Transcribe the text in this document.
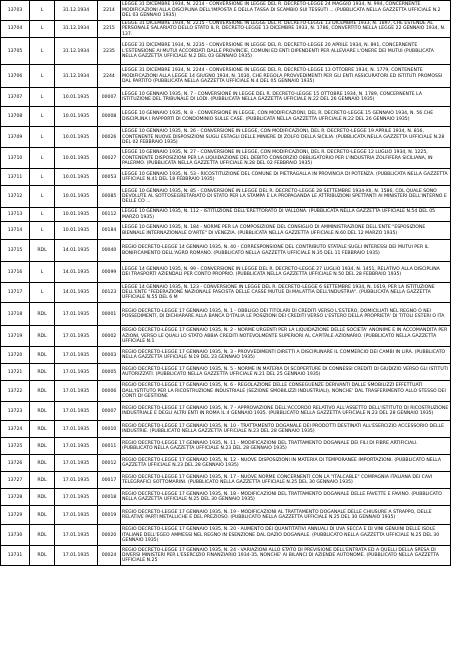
13703	L	31.12.1934	2214	LEGGE 31 DICEMBRE 1934, N. 2214 - CONVERSIONE IN LEGGE DEL R. DECRETO-LEGGE 24 MAGGIO 1934, N. 994, CONCERNENTE MODIFICAZIONI ALLA DISCIPLINA DELL'IMPOSTA E DELLA TASSA DI SCAMBIO SUI TESSUTI ... (PUBBLICATA NELLA GAZZETTA UFFICIALE N.2 DEL 03 GENNAIO 1935)
13704	L	31.12.1934	2215	LEGGE 31 DICEMBRE 1934, N. 2215 - CONVERSIONE IN LEGGE DEL R. DECRETO-LEGGE 13 DICEMBRE 1933, N. 1897, CHE ESTENDE AL PERSONALE SALARIATO DELLO STATO IL R. DECRETO-LEGGE 13 DICEMBRE 1933, N. 1786, CONVERTITO NELLA LEGGE 22 GENNAIO 1934, N. 137.
13705	L	31.12.1934	2235	LEGGE 31 DICEMBRE 1934, N. 2235 - CONVERSIONE IN LEGGE DEL R. DECRETO-LEGGE 20 APRILE 1934, N. 891, CONCERNENTE L'ESTENSIONE AI MUTUI ACCORDATI DALLE PROVINCIE, COMUNI ED ENTI DIPENDENTI PER ALLEVIARE L'ONERE DEI MUTUI (PUBBLICATA NELLA GAZZETTA UFFICIALE N.2 DEL 03 GENNAIO 1935)
13706	L	31.12.1934	2244	LEGGE 31 DICEMBRE 1934, N. 2244 - CONVERSIONE IN LEGGE DEL R. DECRETO-LEGGE 13 OTTOBRE 1934, N. 1779, CONTENENTE MODIFICAZIONI ALLA LEGGE 14 GIUGNO 1934, N. 1030, CHE REGOLA PROVVEDIMENTI PER GLI ENTI ASSICURATORI ED ISTITUTI PROMOSSI DAL PARTITO (PUBBLICATA NELLA GAZZETTA UFFICIALE N.4 DEL 05 GENNAIO 1935)
13707	L	10.01.1935	00007	LEGGE 10 GENNAIO 1935, N. 7 - CONVERSIONE IN LEGGE DEL R. DECRETO-LEGGE 15 OTTOBRE 1934, N. 1789, CONCERNENTE LA ISTITUZIONE DEL TRIBUNALE DI LODI. (PUBBLICATA NELLA GAZZETTA UFFICIALE N.22 DEL 26 GENNAIO 1935)
13708	L	10.01.1935	00008	LEGGE 10 GENNAIO 1935, N. 8 - CONVERSIONE IN LEGGE, CON MODIFICAZIONI, DEL R. DECRETO-LEGGE 15 GENNAIO 1934, N. 56 CHE DISCIPLINA I RAPPORTI DI CONDOMINIO SULLE CASE. (PUBBLICATA NELLA GAZZETTA UFFICIALE N.22 DEL 26 GENNAIO 1935)
13709	L	10.01.1935	00026	LEGGE 10 GENNAIO 1935, N. 26 - CONVERSIONE IN LEGGE, CON MODIFICAZIONI, DEL R. DECRETO-LEGGE 19 APRILE 1934, N. 816, CONTENENTE NUOVE DISPOSIZIONI SUGLI ESTAGLI DELLE MINIERE DI ZOLFO DELLA SICILIA. (PUBBLICATA NELLA GAZZETTA UFFICIALE N.28 DEL 02 FEBBRAIO 1935)
13710	L	10.01.1935	00027	LEGGE 10 GENNAIO 1935, N. 27 - CONVERSIONE IN LEGGE, CON MODIFICAZIONI, DEL R. DECRETO-LEGGE 12 LUGLIO 1934, N. 1225, CONTENENTE DISPOSIZIONI PER LA LIQUIDAZIONE DEL DEBITO CONSORZIO OBBLIGATORIO PER L'INDUSTRIA ZOLFIFERA SICILIANA, IN PALERMO. (PUBBLICATA NELLA GAZZETTA UFFICIALE N.28 DEL 02 FEBBRAIO 1935)
13711	L	10.01.1935	00053	LEGGE 10 GENNAIO 1935, N. 53 - RICOSTITUZIONE DEL COMUNE DI PIETRAGALLA IN PROVINCIA DI POTENZA. (PUBBLICATA NELLA GAZZETTA UFFICIALE N.41 DEL 18 FEBBRAIO 1935)
13712	L	10.01.1935	00085	LEGGE 10 GENNAIO 1935, N. 85 - CONVERSIONE IN LEGGE DEL R. DECRETO-LEGGE 28 SETTEMBRE 1934-XII, N. 1586, COL QUALE SONO DEVOLUTE AL SOTTOSEGRETARIATO DI STATO PER LA STAMPA E LA PROPAGANDA LE ATTRIBUZIONI SPETTANTI AI MINISTERI DELL'INTERNO E DELLE CO ...
13713	L	10.01.1935	00112	LEGGE 10 GENNAIO 1935, N. 112 - ISTITUZIONE DELL'ERETTORATO DI VALLONA. (PUBBLICATA NELLA GAZZETTA UFFICIALE N.54 DEL 05 MARZO 1935)
13714	L	10.01.1935	00184	LEGGE 10 GENNAIO 1935, N. 184 - NORME PER LA COMPOSIZIONE DEL CONSIGLIO DI AMMINISTRAZIONE DELL'ENTE "ESPOSIZIONE BIENNALE INTERNAZIONALE D'ARTE" DI VENEZIA. (PUBBLICATA NELLA GAZZETTA UFFICIALE N.60 DEL 12 MARZO 1935)
13715	RDL	14.01.1935	00040	REGIO DECRETO-LEGGE 14 GENNAIO 1935, N. 40 - CORRESPONSIONE DEL CONTRIBUTO STATALE SUGLI INTERESSI DEI MUTUI PER IL BONIFICAMENTO DELL'AGRO ROMANO. (PUBBLICATO NELLA GAZZETTA UFFICIALE N.35 DEL 11 FEBBRAIO 1935)
13716	L	14.01.1935	00099	LEGGE 14 GENNAIO 1935, N. 99 - CONVERSIONE IN LEGGE DEL R. DECRETO-LEGGE 27 LUGLIO 1934, N. 1451, RELATIVO ALLA DISCIPLINA DEI TRASPORTI AZIENDALI PER CONTO PROPRIO. (PUBBLICATA NELLA GAZZETTA UFFICIALE N.50 DEL 28 FEBBRAIO 1935)
13717	L	14.01.1935	00123	LEGGE 14 GENNAIO 1935, N. 123 - CONVERSIONE IN LEGGE DEL R. DECRETO-LEGGE 6 SETTEMBRE 1934, N. 1619, PER LA ISTITUZIONE DELL'ENTE "FEDERAZIONE NAZIONALE FASCISTA DELLE CASSE MUTUE DI MALATTIA DELL'INDUSTRIA". (PUBBLICATA NELLA GAZZETTA UFFICIALE N.55 DEL 6 M
13718	RDL	17.01.1935	00001	REGIO DECRETO-LEGGE 17 GENNAIO 1935, N. 1 - OBBLIGO DEI TITOLARI DI CREDITI VERSO L'ESTERO, DOMICILIATI NEL REGNO O NEI POSSEDIMENTI, DI DICHIARARE ALLA BANCA D'ITALIA LE POSIZIONI DEI CREDITI VERSO L'ESTERO DELLA PROPRIETA' DI TITOLI ESTERI O ITA
13719	RDL	17.01.1935	00002	REGIO DECRETO-LEGGE 17 GENNAIO 1935, N. 2 - NORME URGENTI PER LA LIQUIDAZIONE DELLE SOCIETA' ANONIME E IN ACCOMANDITA PER AZIONI, VERSO LE QUALI LO STATO ABBIA CREDITI NOTEVOLMENTE SUPERIORI AL CAPITALE AZIONARIO. (PUBBLICATO NELLA GAZZETTA UFFICIALE N.1
13720	RDL	17.01.1935	00003	REGIO DECRETO-LEGGE 17 GENNAIO 1935, N. 3 - PROVVEDIMENTI DIRETTI A DISCIPLINARE IL COMMERCIO DEI CAMBI IN LIRA. (PUBBLICATO NELLA GAZZETTA UFFICIALE N.19 DEL 23 GENNAIO 1935)
13721	RDL	17.01.1935	00005	REGIO DECRETO-LEGGE 17 GENNAIO 1935, N. 5 - NORME IN MATERIA DI SCOPERTURE DI CONNESSI CREDITI DI GIUDIZIO VERSO GLI ISTITUTI AUTORIZZATI. (PUBBLICATO NELLA GAZZETTA UFFICIALE N.21 DEL 25 GENNAIO 1935)
13722	RDL	17.01.1935	00006	REGIO DECRETO-LEGGE 17 GENNAIO 1935, N. 6 - REGOLAZIONE DELLE CONSEGUENZE DERIVANTI DALLE SMOBILIZZI EFFETTUATI DALL'ISTITUTO PER LA RICOSTRUZIONE INDUSTRIALE (SEZIONE SMOBILIZZI INDUSTRIALI), NONCHE' DAL TRASFERIMENTO ALLO STESSO DEI CONTI DI GESTIONE
13723	RDL	17.01.1935	00007	REGIO DECRETO-LEGGE 17 GENNAIO 1935, N. 7 - APPROVAZIONE DELL'ACCORDO RELATIVO ALL'ASSETTO DELL'ISTITUTO DI RICOSTRUZIONE INDUSTRIALE E DEGLI ALTRI ENTI IN ROMA IL 4 GENNAIO 1935. (PUBBLICATO NELLA GAZZETTA UFFICIALE N.23 DEL 28 GENNAIO 1935)
13724	RDL	17.01.1935	00010	REGIO DECRETO-LEGGE 17 GENNAIO 1935, N. 10 - TRATTAMENTO DOGANALE DEI PRODOTTI DESTINATI ALL'ESERCIZIO ACCESSORIO DELLE INDUSTRIE. (PUBBLICATO NELLA GAZZETTA UFFICIALE N.23 DEL 28 GENNAIO 1935)
13725	RDL	17.01.1935	00011	REGIO DECRETO-LEGGE 17 GENNAIO 1935, N. 11 - MODIFICAZIONI DEL TRATTAMENTO DOGANALE DEI FILI DI FIBRE ARTIFICIALI. (PUBBLICATO NELLA GAZZETTA UFFICIALE N.23 DEL 28 GENNAIO 1935)
13726	RDL	17.01.1935	00012	REGIO DECRETO-LEGGE 17 GENNAIO 1935, N. 12 - NUOVE DISPOSIZIONI IN MATERIA DI TEMPORANEE IMPORTAZIONI. (PUBBLICATO NELLA GAZZETTA UFFICIALE N.23 DEL 28 GENNAIO 1935)
13727	RDL	17.01.1935	00017	REGIO DECRETO-LEGGE 17 GENNAIO 1935, N. 17 - NUOVE NORME CONCERNENTI CON LA "ITALCABLE" COMPAGNIA ITALIANA DEI CAVI TELEGRAFICI SOTTOMARINI. (PUBBLICATO NELLA GAZZETTA UFFICIALE N.25 DEL 30 GENNAIO 1935)
13728	RDL	17.01.1935	00018	REGIO DECRETO-LEGGE 17 GENNAIO 1935, N. 18 - MODIFICAZIONI DEL TRATTAMENTO DOGANALE DELLE FAVETTE E FAVINO. (PUBBLICATO NELLA GAZZETTA UFFICIALE N.25 DEL 30 GENNAIO 1935)
13729	RDL	17.01.1935	00019	REGIO DECRETO-LEGGE 17 GENNAIO 1935, N. 19 - MODIFICAZIONI AL TRATTAMENTO DOGANALE DELLE CHIUSURE A STRAPPO, DELLE RELATIVE PARTI METALLICHE E DEL PREZIOSO. (PUBBLICATO NELLA GAZZETTA UFFICIALE N.25 DEL 30 GENNAIO 1935)
13730	RDL	17.01.1935	00020	REGIO DECRETO-LEGGE 17 GENNAIO 1935, N. 20 - AUMENTO DEI QUANTITATIVI ANNUALI DI UVA SECCA E DI VINI GENUINI DELLE ISOLE ITALIANE DELL'EGEO AMMESSI NEL REGNO IN ESENZIONE DAL DAZIO DOGANALE. (PUBBLICATO NELLA GAZZETTA UFFICIALE N.25 DEL 30 GENNAIO 1935)
13731	RDL	17.01.1935	00024	REGIO DECRETO-LEGGE 17 GENNAIO 1935, N. 24 - VARIAZIONI ALLO STATO DI PREVISIONE DELL'ENTRATA ED A QUELLI DELLA SPESA DI DIVERSI MINISTERI PER L'ESERCIZIO FINANZIARIO 1934-35, NONCHE' AI BILANCI DI AZIENDE AUTONOME. (PUBBLICATO NELLA GAZZETTA UFFICIALE N.25
